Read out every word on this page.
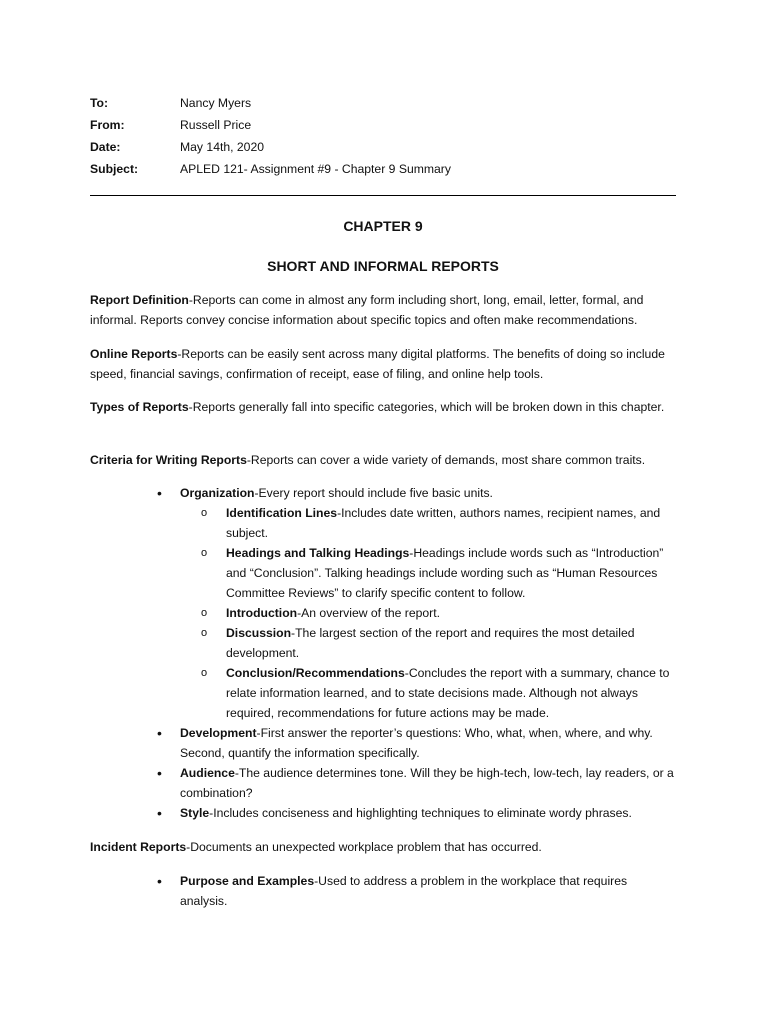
To:	Nancy Myers
From:	Russell Price
Date:	May 14th, 2020
Subject:	APLED 121- Assignment #9 - Chapter 9 Summary
CHAPTER 9
SHORT AND INFORMAL REPORTS

Report Definition-Reports can come in almost any form including short, long, email, letter, formal, and informal. Reports convey concise information about specific topics and often make recommendations.

Online Reports-Reports can be easily sent across many digital platforms. The benefits of doing so include speed, financial savings, confirmation of receipt, ease of filing, and online help tools.

Types of Reports-Reports generally fall into specific categories, which will be broken down in this chapter.

Criteria for Writing Reports-Reports can cover a wide variety of demands, most share common traits.

• Organization-Every report should include five basic units.
o Identification Lines-Includes date written, authors names, recipient names, and subject.
o Headings and Talking Headings-Headings include words such as “Introduction” and “Conclusion”. Talking headings include wording such as “Human Resources Committee Reviews” to clarify specific content to follow.
o Introduction-An overview of the report.
o Discussion-The largest section of the report and requires the most detailed development.
o Conclusion/Recommendations-Concludes the report with a summary, chance to relate information learned, and to state decisions made. Although not always required, recommendations for future actions may be made.
• Development-First answer the reporter’s questions: Who, what, when, where, and why. Second, quantify the information specifically.
• Audience-The audience determines tone. Will they be high-tech, low-tech, lay readers, or a combination?
• Style-Includes conciseness and highlighting techniques to eliminate wordy phrases.

Incident Reports-Documents an unexpected workplace problem that has occurred.

• Purpose and Examples-Used to address a problem in the workplace that requires analysis.
